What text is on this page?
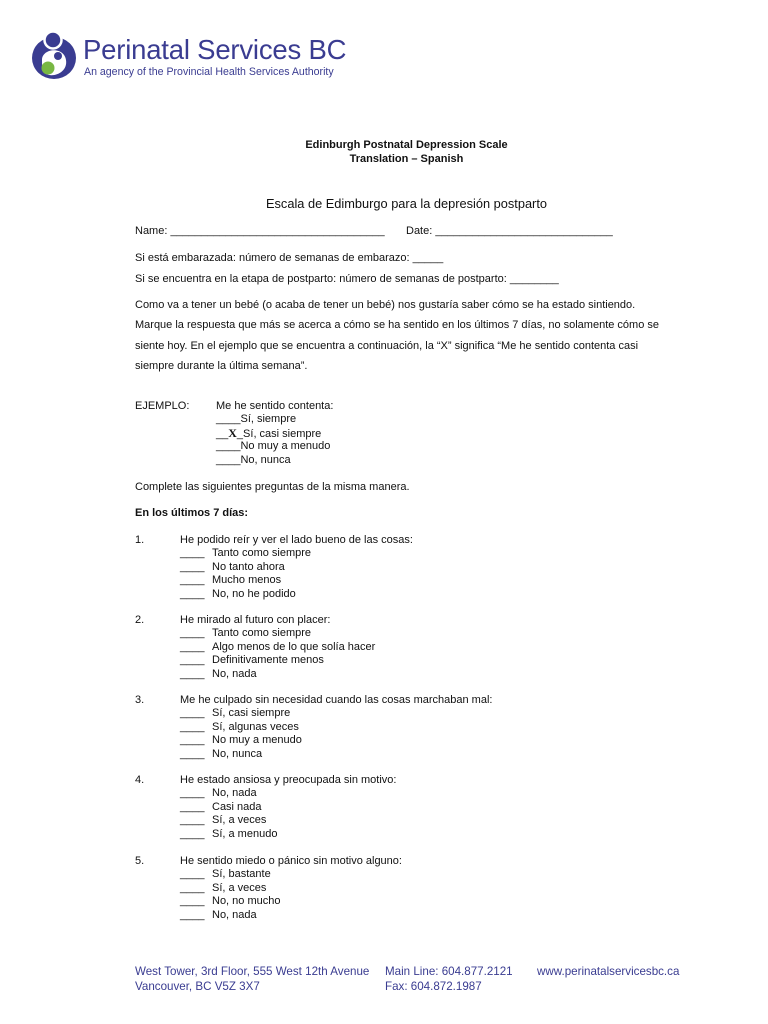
Perinatal Services BC
An agency of the Provincial Health Services Authority
Edinburgh Postnatal Depression Scale
Translation – Spanish
Escala de Edimburgo para la depresión postparto
Name: ___________________________________ Date: _____________________________
Si está embarazada: número de semanas de embarazo: _____
Si se encuentra en la etapa de postparto: número de semanas de postparto: ________
Como va a tener un bebé (o acaba de tener un bebé) nos gustaría saber cómo se ha estado sintiendo.
Marque la respuesta que más se acerca a cómo se ha sentido en los últimos 7 días, no solamente cómo se
siente hoy. En el ejemplo que se encuentra a continuación, la “X” significa “Me he sentido contenta casi
siempre durante la última semana”.
EJEMPLO: Me he sentido contenta:
____Sí, siempre
__X_Sí, casi siempre
____No muy a menudo
____No, nunca
Complete las siguientes preguntas de la misma manera.
En los últimos 7 días:
1.	He podido reír y ver el lado bueno de las cosas:
____ Tanto como siempre
____ No tanto ahora
____ Mucho menos
____ No, no he podido
2.	He mirado al futuro con placer:
____ Tanto como siempre
____ Algo menos de lo que solía hacer
____ Definitivamente menos
____ No, nada
3.	Me he culpado sin necesidad cuando las cosas marchaban mal:
____ Sí, casi siempre
____ Sí, algunas veces
____ No muy a menudo
____ No, nunca
4.	He estado ansiosa y preocupada sin motivo:
____ No, nada
____ Casi nada
____ Sí, a veces
____ Sí, a menudo
5.	He sentido miedo o pánico sin motivo alguno:
____ Sí, bastante
____ Sí, a veces
____ No, no mucho
____ No, nada
West Tower, 3rd Floor, 555 West 12th Avenue
Vancouver, BC V5Z 3X7
Main Line: 604.877.2121
Fax: 604.872.1987
www.perinatalservicesbc.ca
